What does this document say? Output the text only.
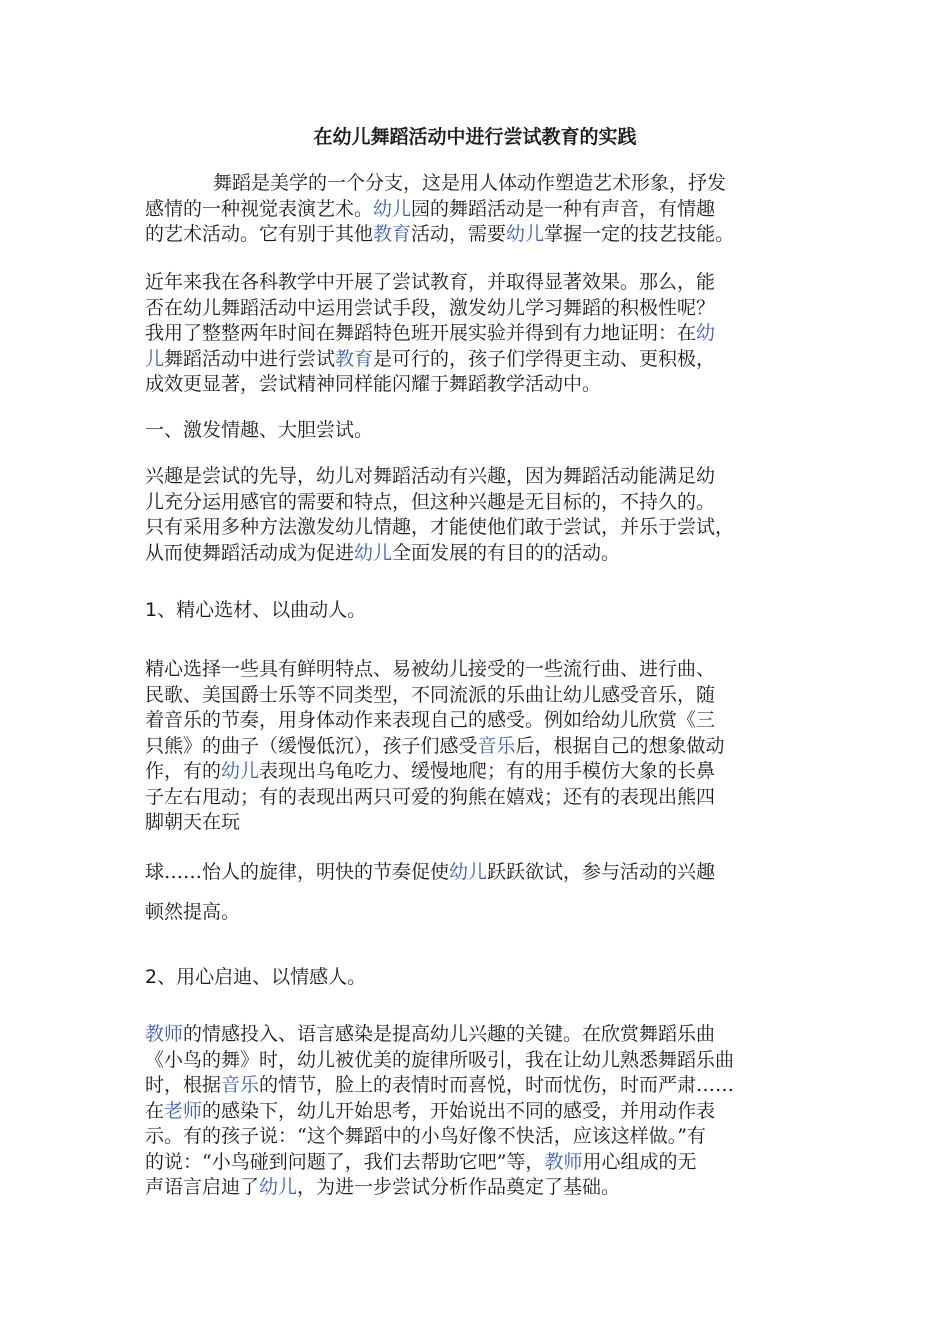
在幼儿舞蹈活动中进行尝试教育的实践
舞蹈是美学的一个分支，这是用人体动作塑造艺术形象，抒发
感情的一种视觉表演艺术。幼儿园的舞蹈活动是一种有声音，有情趣
的艺术活动。它有别于其他教育活动，需要幼儿掌握一定的技艺技能。
近年来我在各科教学中开展了尝试教育，并取得显著效果。那么，能
否在幼儿舞蹈活动中运用尝试手段，激发幼儿学习舞蹈的积极性呢？
我用了整整两年时间在舞蹈特色班开展实验并得到有力地证明：在幼
儿舞蹈活动中进行尝试教育是可行的，孩子们学得更主动、更积极，
成效更显著，尝试精神同样能闪耀于舞蹈教学活动中。
一、激发情趣、大胆尝试。
兴趣是尝试的先导，幼儿对舞蹈活动有兴趣，因为舞蹈活动能满足幼
儿充分运用感官的需要和特点，但这种兴趣是无目标的，不持久的。
只有采用多种方法激发幼儿情趣，才能使他们敢于尝试，并乐于尝试，
从而使舞蹈活动成为促进幼儿全面发展的有目的的活动。
1、精心选材、以曲动人。
精心选择一些具有鲜明特点、易被幼儿接受的一些流行曲、进行曲、
民歌、美国爵士乐等不同类型，不同流派的乐曲让幼儿感受音乐，随
着音乐的节奏，用身体动作来表现自己的感受。例如给幼儿欣赏《三
只熊》的曲子（缓慢低沉），孩子们感受音乐后，根据自己的想象做动
作，有的幼儿表现出乌龟吃力、缓慢地爬；有的用手模仿大象的长鼻
子左右甩动；有的表现出两只可爱的狗熊在嬉戏；还有的表现出熊四
脚朝天在玩
球……怡人的旋律，明快的节奏促使幼儿跃跃欲试，参与活动的兴趣
顿然提高。
2、用心启迪、以情感人。
教师的情感投入、语言感染是提高幼儿兴趣的关键。在欣赏舞蹈乐曲
《小鸟的舞》时，幼儿被优美的旋律所吸引，我在让幼儿熟悉舞蹈乐曲
时，根据音乐的情节，脸上的表情时而喜悦，时而忧伤，时而严肃……
在老师的感染下，幼儿开始思考，开始说出不同的感受，并用动作表
示。有的孩子说：“这个舞蹈中的小鸟好像不快活，应该这样做。”有
的说：“小鸟碰到问题了，我们去帮助它吧”等，教师用心组成的无
声语言启迪了幼儿，为进一步尝试分析作品奠定了基础。
